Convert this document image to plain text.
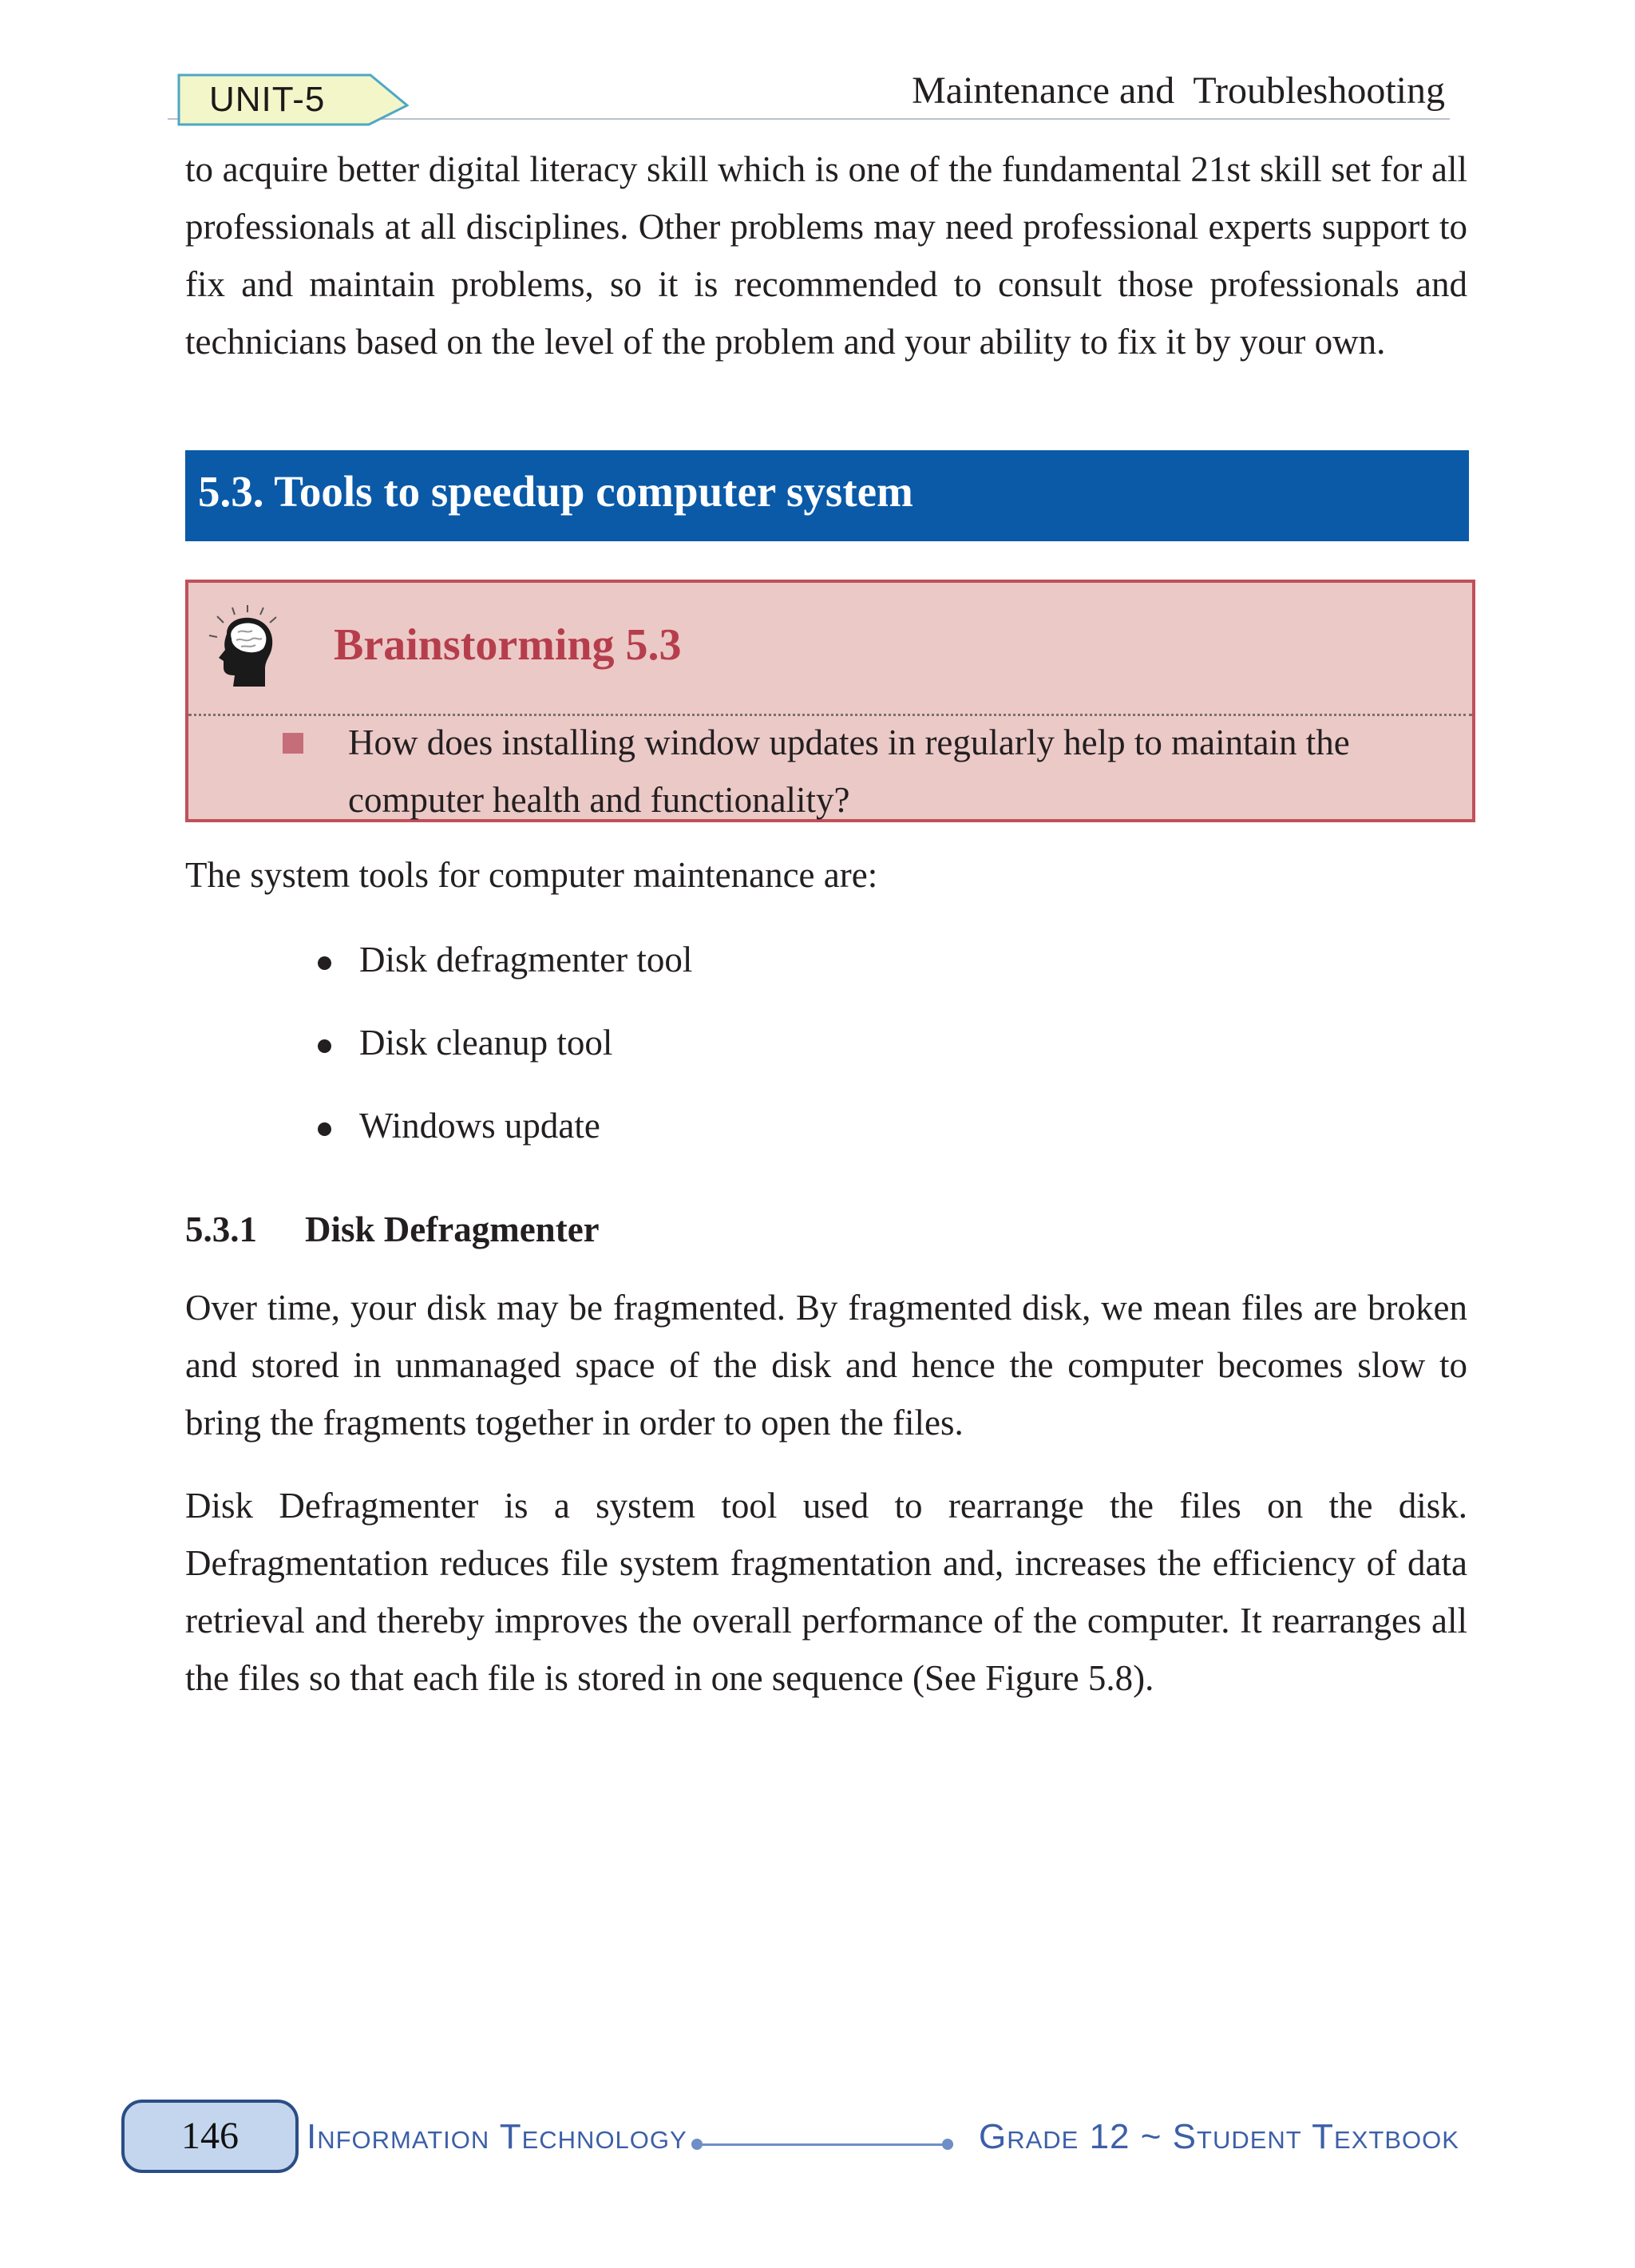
UNIT-5	Maintenance and  Troubleshooting

to acquire better digital literacy skill which is one of the fundamental 21st skill set for all professionals at all disciplines. Other problems may need professional experts support to fix and maintain problems, so it is recommended to consult those professionals and technicians based on the level of the problem and your ability to fix it by your own.

5.3. Tools to speedup computer system
Brainstorming 5.3

How does installing window updates in regularly help to maintain the computer health and functionality?

The system tools for computer maintenance are:
Disk defragmenter tool
Disk cleanup tool
Windows update
5.3.1 Disk Defragmenter

Over time, your disk may be fragmented. By fragmented disk, we mean files are broken and stored in unmanaged space of the disk and hence the computer becomes slow to bring the fragments together in order to open the files.

Disk Defragmenter is a system tool used to rearrange the files on the disk. Defragmentation reduces file system fragmentation and, increases the efficiency of data retrieval and thereby improves the overall performance of the computer. It rearranges all the files so that each file is stored in one sequence (See Figure 5.8).

146	Information Technology	Grade 12 ~ Student Textbook
